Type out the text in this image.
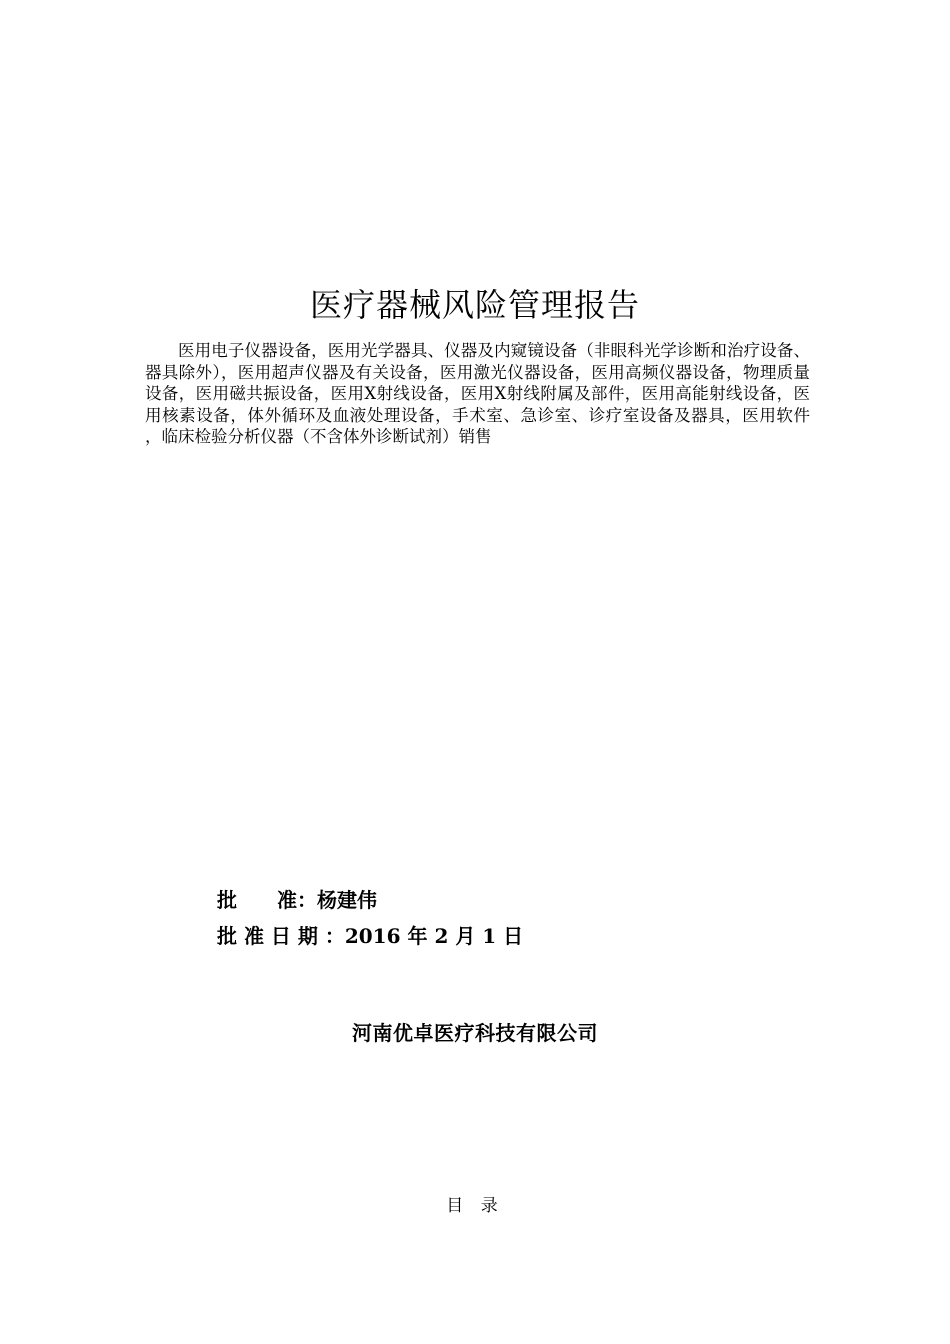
医疗器械风险管理报告

医用电子仪器设备，医用光学器具、仪器及内窥镜设备（非眼科光学诊断和治疗设备、器具除外），医用超声仪器及有关设备，医用激光仪器设备，医用高频仪器设备，物理质量设备，医用磁共振设备，医用X射线设备，医用X射线附属及部件，医用高能射线设备，医用核素设备，体外循环及血液处理设备，手术室、急诊室、诊疗室设备及器具，医用软件 ，临床检验分析仪器（不含体外诊断试剂）销售

批　　准：杨建伟
批 准 日 期 ：2016 年 2 月 1 日
河南优卓医疗科技有限公司
目 录
